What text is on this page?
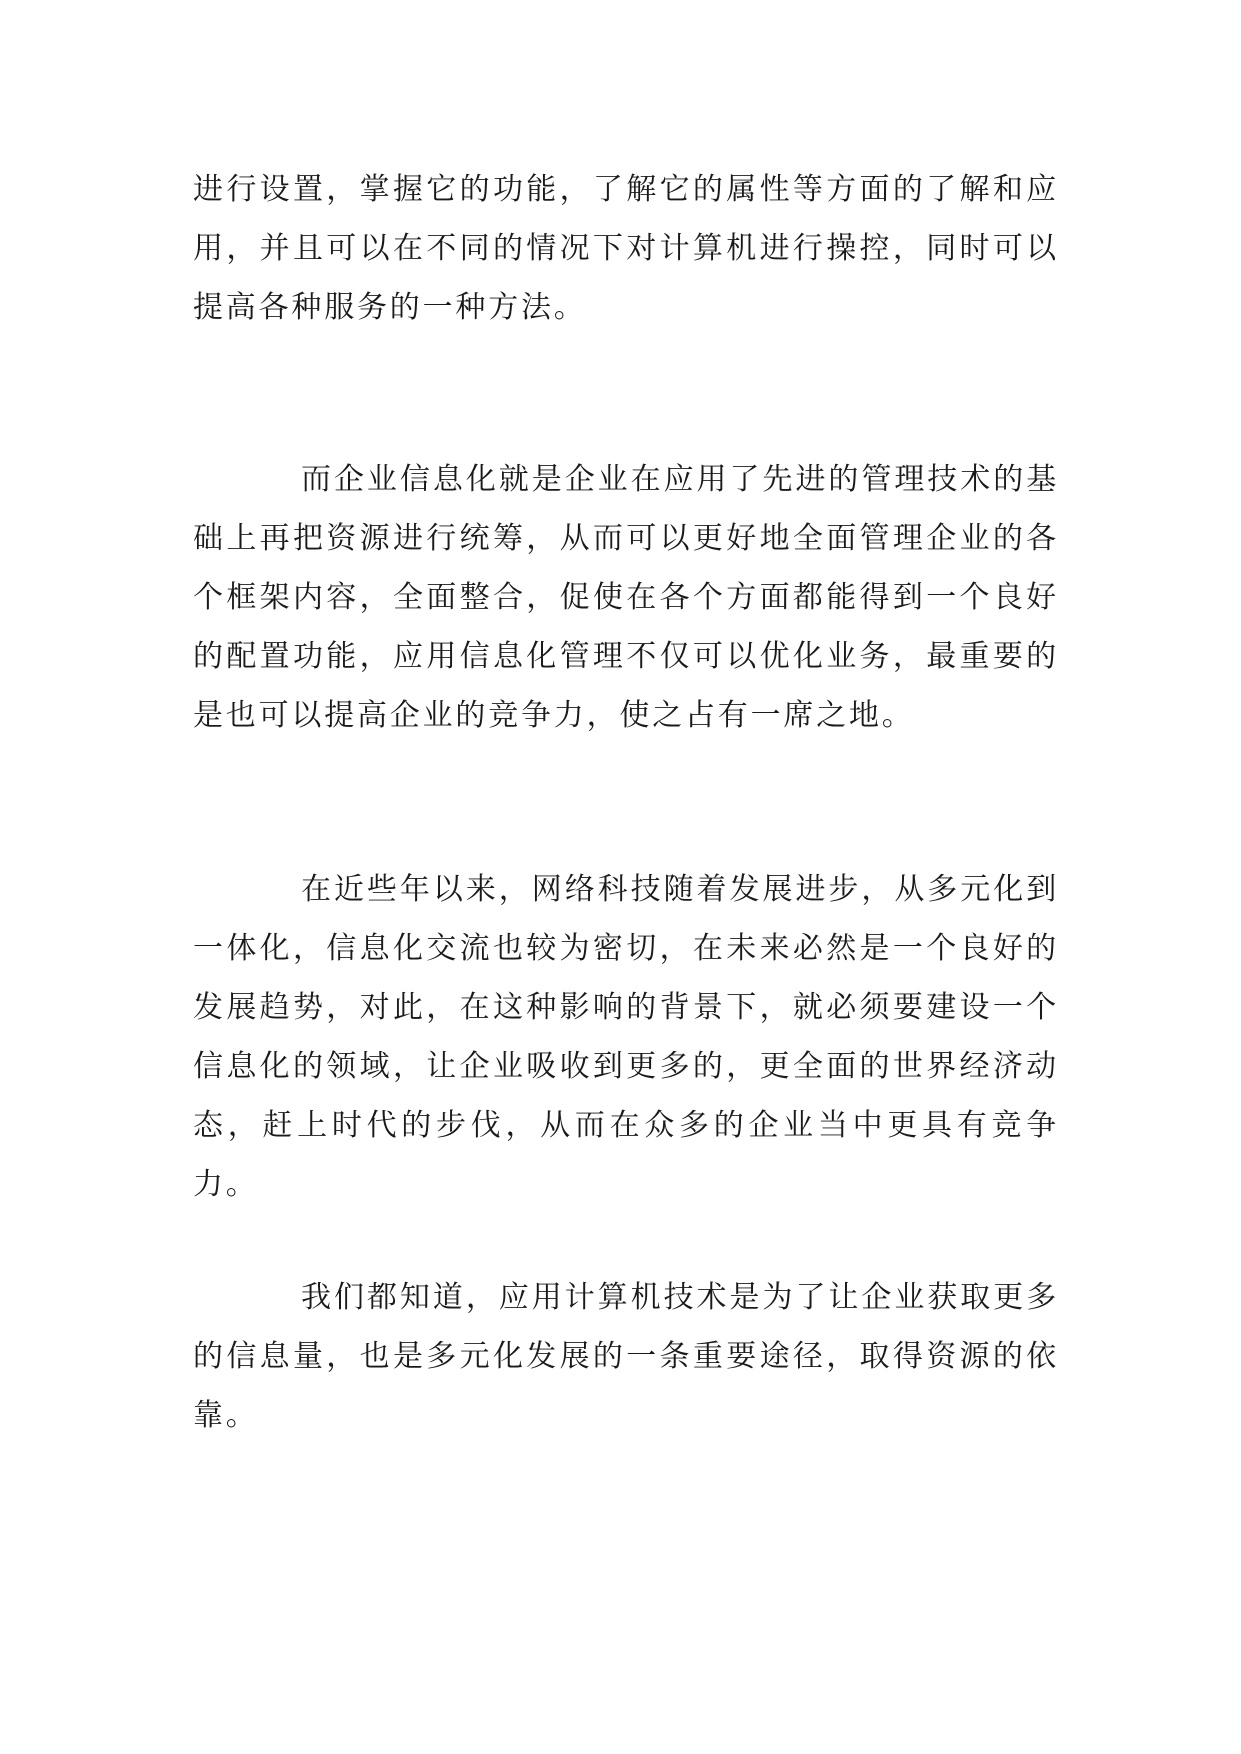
进行设置，掌握它的功能，了解它的属性等方面的了解和应用，并且可以在不同的情况下对计算机进行操控，同时可以提高各种服务的一种方法。

而企业信息化就是企业在应用了先进的管理技术的基础上再把资源进行统筹，从而可以更好地全面管理企业的各个框架内容，全面整合，促使在各个方面都能得到一个良好的配置功能，应用信息化管理不仅可以优化业务，最重要的是也可以提高企业的竞争力，使之占有一席之地。

在近些年以来，网络科技随着发展进步，从多元化到一体化，信息化交流也较为密切，在未来必然是一个良好的发展趋势，对此，在这种影响的背景下，就必须要建设一个信息化的领域，让企业吸收到更多的，更全面的世界经济动态，赶上时代的步伐，从而在众多的企业当中更具有竞争力。

我们都知道，应用计算机技术是为了让企业获取更多的信息量，也是多元化发展的一条重要途径，取得资源的依靠。
